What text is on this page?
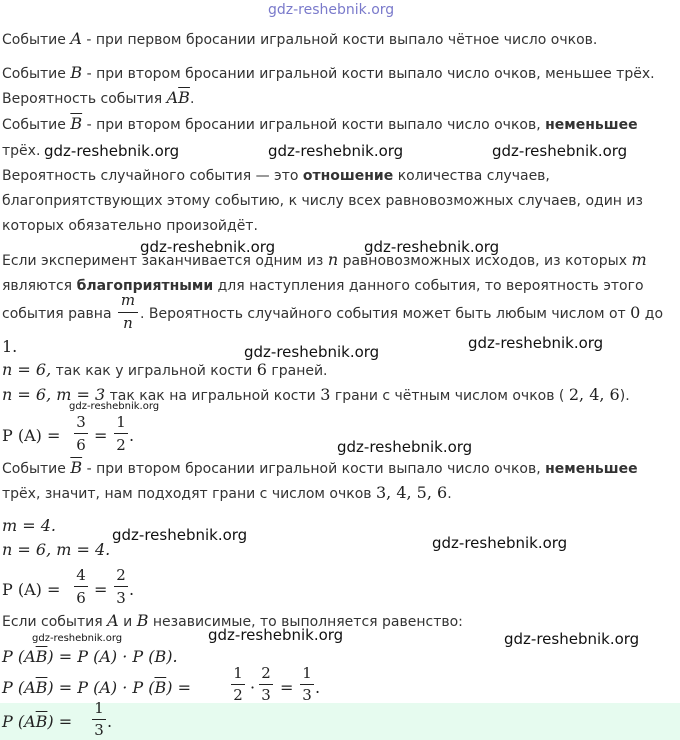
gdz-reshebnik.org
Событие A - при первом бросании игральной кости выпало чётное число очков.
Событие B - при втором бросании игральной кости выпало число очков, меньшее трёх.
Вероятность события $A\overline{B}$.
Событие $\overline{B}$ - при втором бросании игральной кости выпало число очков, неменьшее
трёх.
Вероятность случайного события — это отношение количества случаев,
благоприятствующих этому событию, к числу всех равновозможных случаев, один из
которых обязательно произойдёт.
Если эксперимент заканчивается одним из n равновозможных исходов, из которых m
являются благоприятными для наступления данного события, то вероятность этого
события равна . Вероятность случайного события может быть любым числом от 0 до
m
n
1.
n = 6, так как у игральной кости 6 граней.
n = 6, m = 3 так как на игральной кости 3 грани с чётным числом очков ( 2, 4, 6).
P (A) =
3
6 =
1
2 .
Событие $\overline{B}$ - при втором бросании игральной кости выпало число очков, неменьшее
трёх, значит, нам подходят грани с числом очков 3, 4, 5, 6.
m = 4.
n = 6, m = 4.
P (A) =
4
6 =
2
3 .
Если события A и B независимые, то выполняется равенство:
P $(A\overline{B}) = P$ (A) · P (B).
P $(A\overline{B}) = P$ (A) · P $(\overline{B})$ =
1
2 ·
2
3 =
1
3 .
P $(A\overline{B})$ =
1
3 .
gdz-reshebnik.org	gdz-reshebnik.org	gdz-reshebnik.org
gdz-reshebnik.org	gdz-reshebnik.org
gdz-reshebnik.org	gdz-reshebnik.org
gdz-reshebnik.org
gdz-reshebnik.org
gdz-reshebnik.org	gdz-reshebnik.org
gdz-reshebnik.org	gdz-reshebnik.org	gdz-reshebnik.org
